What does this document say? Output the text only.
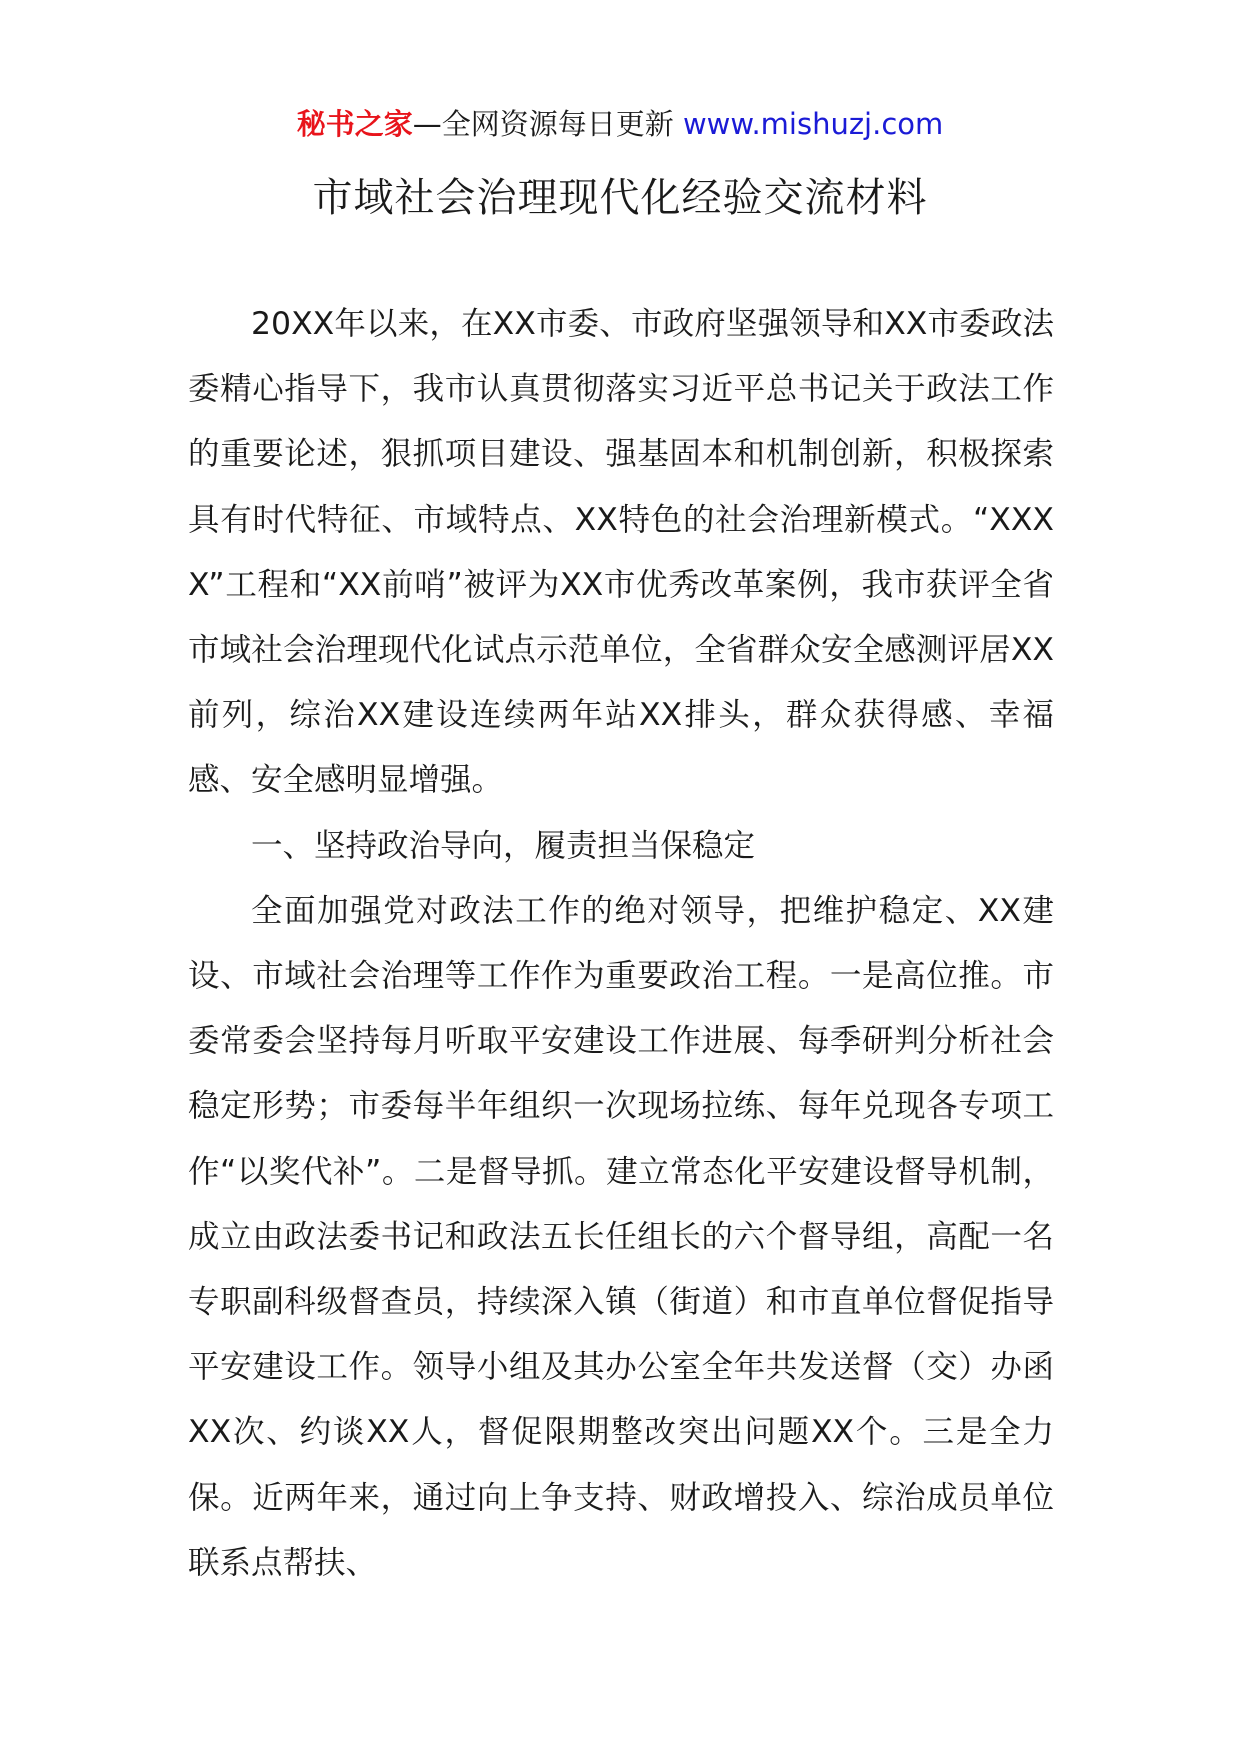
秘书之家—全网资源每日更新 www.mishuzj.com
市域社会治理现代化经验交流材料

20XX年以来，在XX市委、市政府坚强领导和XX市委政法委精心指导下，我市认真贯彻落实习近平总书记关于政法工作的重要论述，狠抓项目建设、强基固本和机制创新，积极探索具有时代特征、市域特点、XX特色的社会治理新模式。“XXXX”工程和“XX前哨”被评为XX市优秀改革案例，我市获评全省市域社会治理现代化试点示范单位，全省群众安全感测评居XX前列，综治XX建设连续两年站XX排头，群众获得感、幸福感、安全感明显增强。

一、坚持政治导向，履责担当保稳定

全面加强党对政法工作的绝对领导，把维护稳定、XX建设、市域社会治理等工作作为重要政治工程。一是高位推。市委常委会坚持每月听取平安建设工作进展、每季研判分析社会稳定形势；市委每半年组织一次现场拉练、每年兑现各专项工作“以奖代补”。二是督导抓。建立常态化平安建设督导机制，成立由政法委书记和政法五长任组长的六个督导组，高配一名专职副科级督查员，持续深入镇（街道）和市直单位督促指导平安建设工作。领导小组及其办公室全年共发送督（交）办函XX次、约谈XX人，督促限期整改突出问题XX个。三是全力保。近两年来，通过向上争支持、财政增投入、综治成员单位联系点帮扶、
